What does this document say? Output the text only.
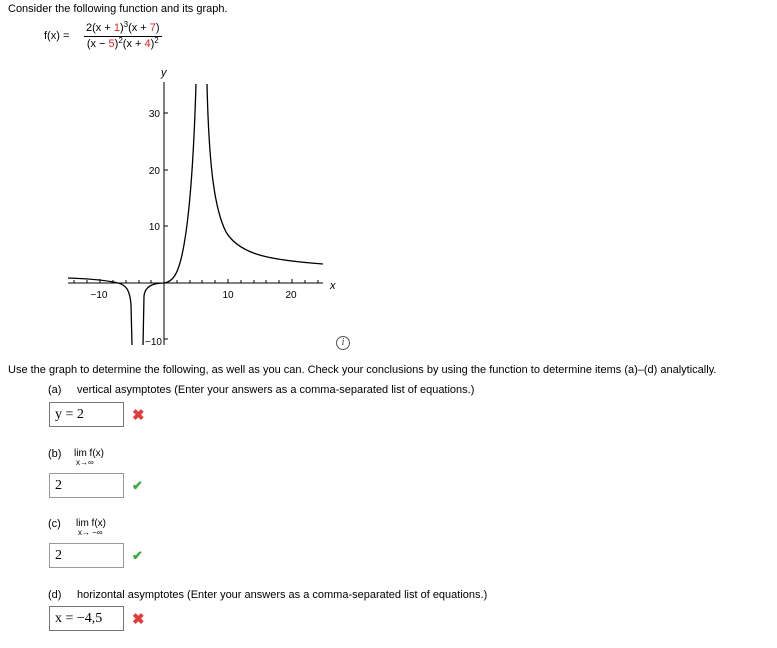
Consider the following function and its graph.
$f(x) = \frac{2(x + 1)^3(x + 7)}{(x - 5)^2(x + 4)^2}$
−10	10	20
30
20
10
−10
x
y
i
Use the graph to determine the following, as well as you can. Check your conclusions by using the function to determine items (a)–(d) analytically.
(a) vertical asymptotes (Enter your answers as a comma-separated list of equations.)
y = 2	✖
(b) lim f(x)
x→∞
2	✔
(c) lim f(x)
x→ −∞
2	✔
(d) horizontal asymptotes (Enter your answers as a comma-separated list of equations.)
x = −4,5	✖
